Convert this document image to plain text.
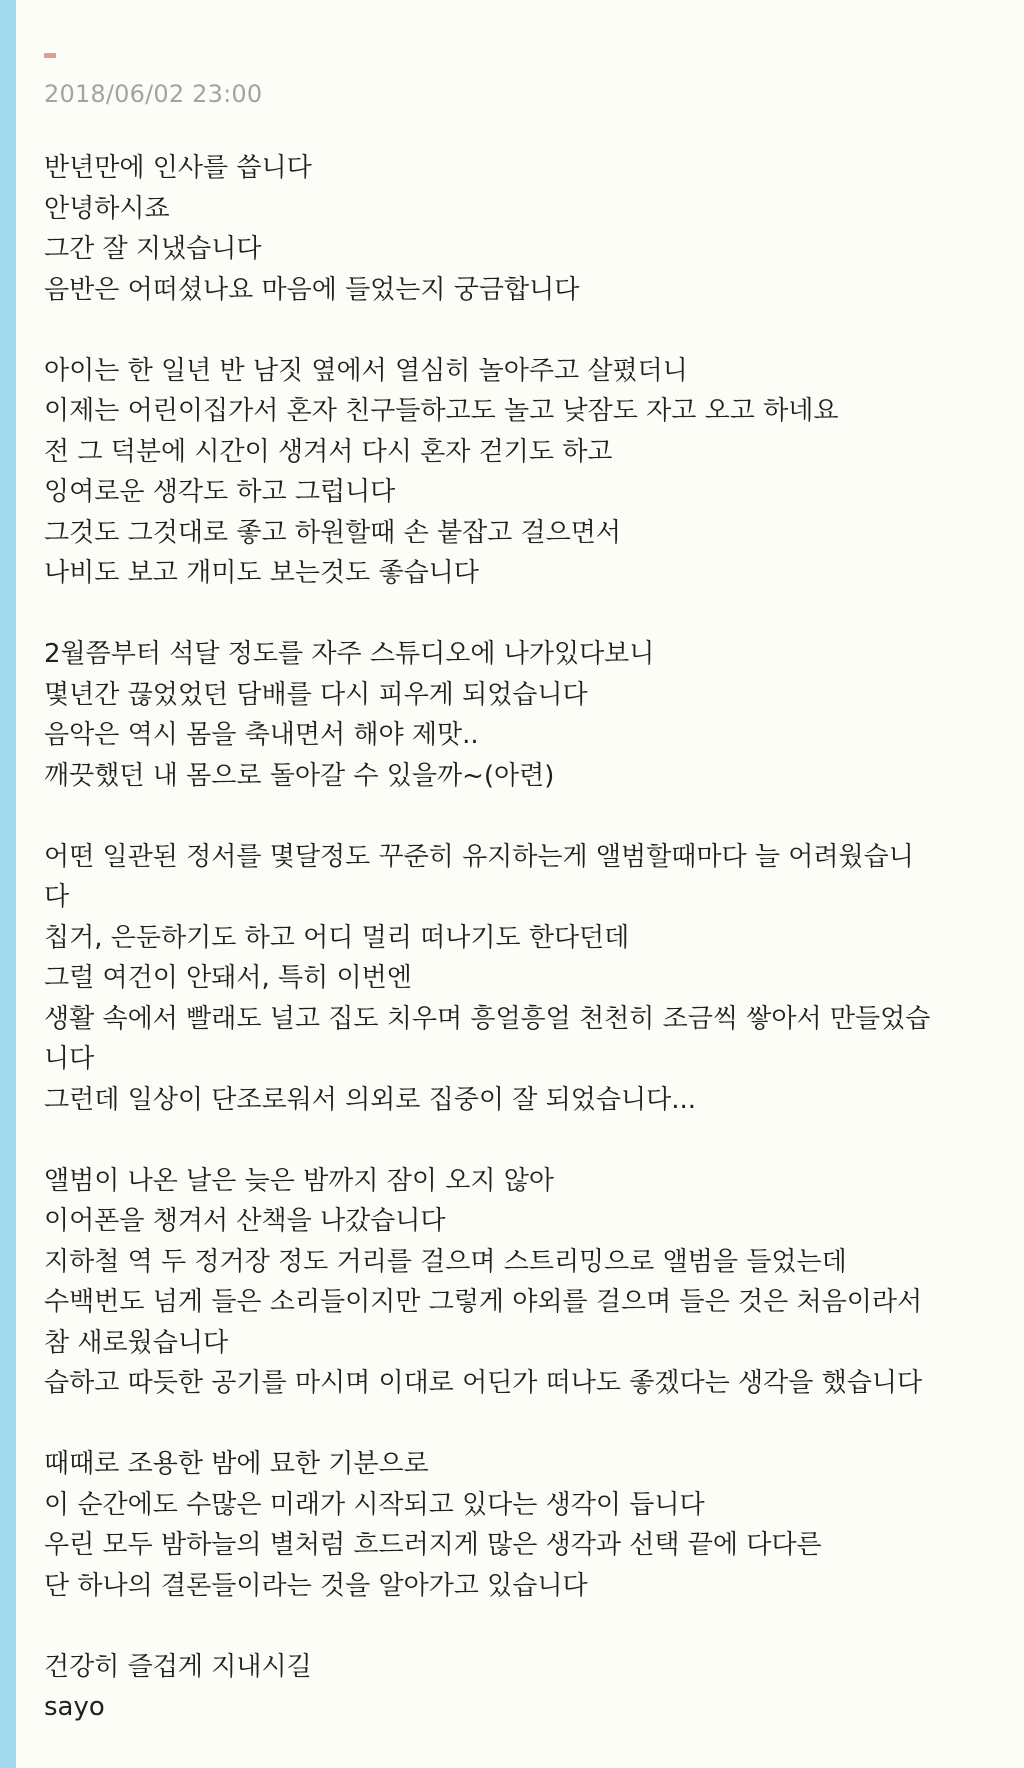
2018/06/02 23:00
반년만에 인사를 씁니다
안녕하시죠
그간 잘 지냈습니다
음반은 어떠셨나요 마음에 들었는지 궁금합니다
아이는 한 일년 반 남짓 옆에서 열심히 놀아주고 살폈더니
이제는 어린이집가서 혼자 친구들하고도 놀고 낮잠도 자고 오고 하네요
전 그 덕분에 시간이 생겨서 다시 혼자 걷기도 하고
잉여로운 생각도 하고 그럽니다
그것도 그것대로 좋고 하원할때 손 붙잡고 걸으면서
나비도 보고 개미도 보는것도 좋습니다
2월쯤부터 석달 정도를 자주 스튜디오에 나가있다보니
몇년간 끊었었던 담배를 다시 피우게 되었습니다
음악은 역시 몸을 축내면서 해야 제맛..
깨끗했던 내 몸으로 돌아갈 수 있을까~(아련)
어떤 일관된 정서를 몇달정도 꾸준히 유지하는게 앨범할때마다 늘 어려웠습니
다
칩거, 은둔하기도 하고 어디 멀리 떠나기도 한다던데
그럴 여건이 안돼서, 특히 이번엔
생활 속에서 빨래도 널고 집도 치우며 흥얼흥얼 천천히 조금씩 쌓아서 만들었습
니다
그런데 일상이 단조로워서 의외로 집중이 잘 되었습니다...
앨범이 나온 날은 늦은 밤까지 잠이 오지 않아
이어폰을 챙겨서 산책을 나갔습니다
지하철 역 두 정거장 정도 거리를 걸으며 스트리밍으로 앨범을 들었는데
수백번도 넘게 들은 소리들이지만 그렇게 야외를 걸으며 들은 것은 처음이라서
참 새로웠습니다
습하고 따듯한 공기를 마시며 이대로 어딘가 떠나도 좋겠다는 생각을 했습니다
때때로 조용한 밤에 묘한 기분으로
이 순간에도 수많은 미래가 시작되고 있다는 생각이 듭니다
우린 모두 밤하늘의 별처럼 흐드러지게 많은 생각과 선택 끝에 다다른
단 하나의 결론들이라는 것을 알아가고 있습니다
건강히 즐겁게 지내시길
sayo
